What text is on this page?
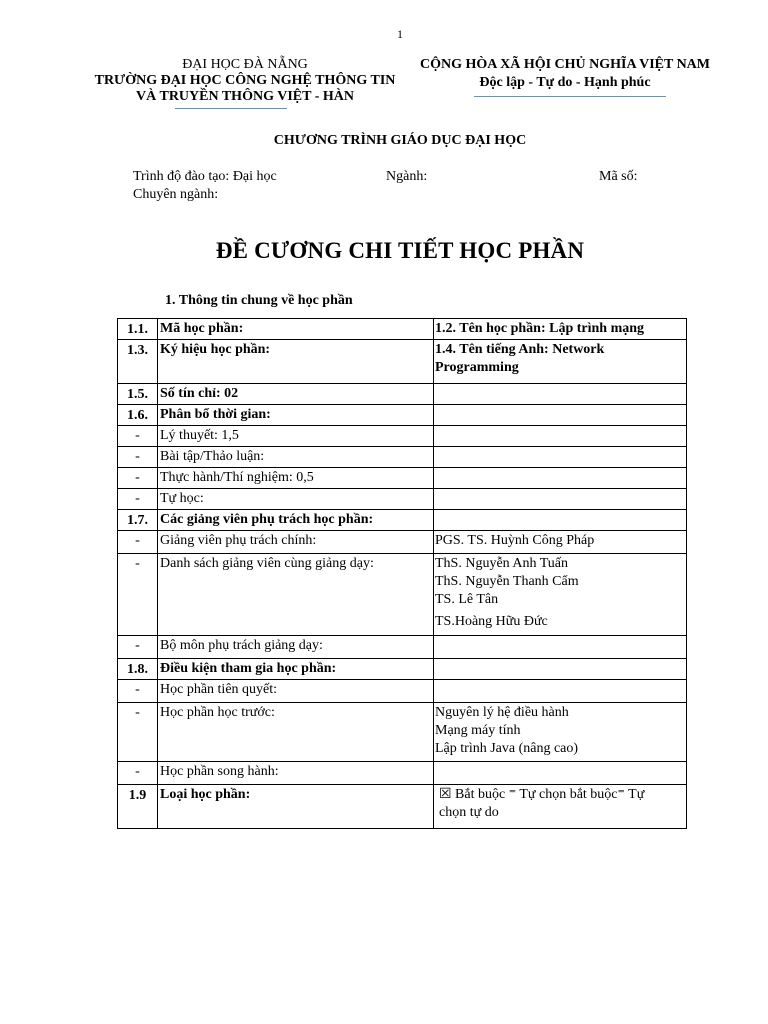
1
ĐẠI HỌC ĐÀ NẴNG
TRƯỜNG ĐẠI HỌC CÔNG NGHỆ THÔNG TIN
VÀ TRUYỀN THÔNG VIỆT - HÀN
CỘNG HÒA XÃ HỘI CHỦ NGHĨA VIỆT NAM
Độc lập - Tự do - Hạnh phúc
CHƯƠNG TRÌNH GIÁO DỤC ĐẠI HỌC
Trình độ đào tạo: Đại học	Ngành:	Mã số:
Chuyên ngành:
ĐỀ CƯƠNG CHI TIẾT HỌC PHẦN
1. Thông tin chung về học phần
1.1.	Mã học phần:	1.2. Tên học phần: Lập trình mạng
1.3.	Ký hiệu học phần:	1.4. Tên tiếng Anh: Network
Programming

1.5.	Số tín chỉ: 02	
1.6.	Phân bổ thời gian:	
-	Lý thuyết: 1,5	
-	Bài tập/Thảo luận:	
-	Thực hành/Thí nghiệm: 0,5	
-	Tự học:	
1.7.	Các giảng viên phụ trách học phần:	
-	Giảng viên phụ trách chính:	PGS. TS. Huỳnh Công Pháp
-	Danh sách giảng viên cùng giảng dạy:	ThS. Nguyễn Anh Tuấn
ThS. Nguyễn Thanh Cẩm
TS. Lê Tân
TS.Hoàng Hữu Đức

-	Bộ môn phụ trách giảng dạy:	
1.8.	Điều kiện tham gia học phần:	
-	Học phần tiên quyết:	
-	Học phần học trước:	Nguyên lý hệ điều hành
Mạng máy tính
Lập trình Java (nâng cao)

-	Học phần song hành:	
1.9	Loại học phần:	☒ Bắt buộc ⁼ Tự chọn bắt buộc⁼ Tự
chọn tự do
